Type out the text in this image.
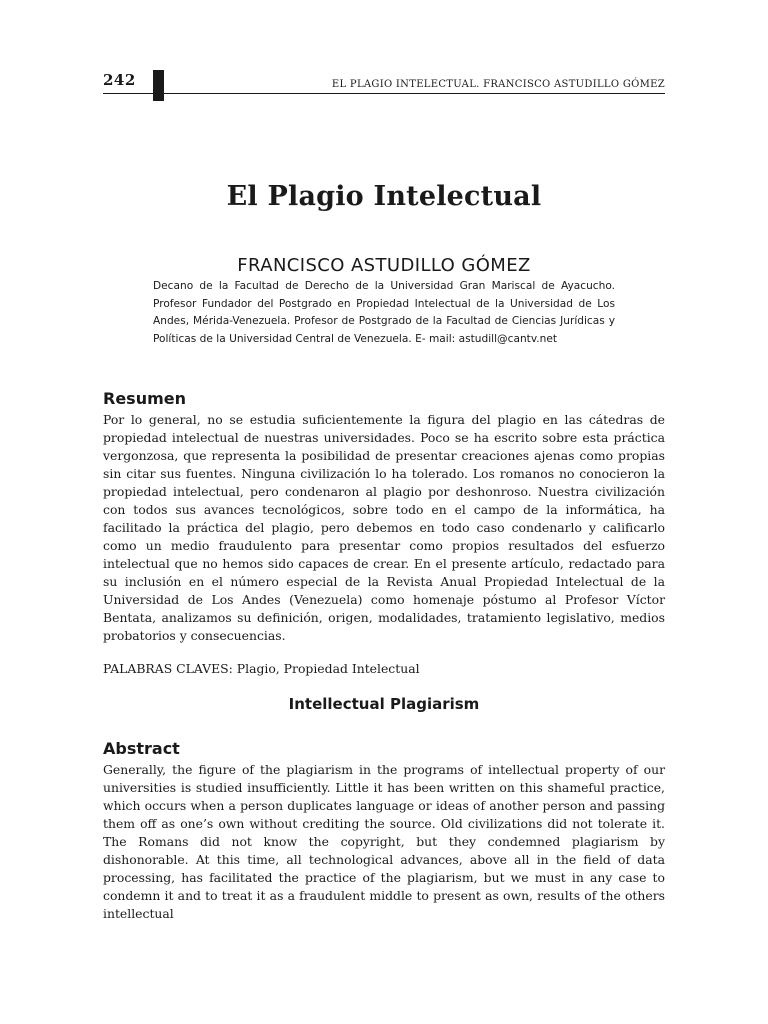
242	EL PLAGIO INTELECTUAL. FRANCISCO ASTUDILLO GÓMEZ
El Plagio Intelectual
FRANCISCO ASTUDILLO GÓMEZ

Decano de la Facultad de Derecho de la Universidad Gran Mariscal de Ayacucho. Profesor Fundador del Postgrado en Propiedad Intelectual de la Universidad de Los Andes, Mérida-Venezuela. Profesor de Postgrado de la Facultad de Ciencias Jurídicas y Políticas de la Universidad Central de Venezuela. E- mail: astudill@cantv.net

Resumen

Por lo general, no se estudia suficientemente la figura del plagio en las cátedras de propiedad intelectual de nuestras universidades. Poco se ha escrito sobre esta práctica vergonzosa, que representa la posibilidad de presentar creaciones ajenas como propias sin citar sus fuentes. Ninguna civilización lo ha tolerado. Los romanos no conocieron la propiedad intelectual, pero condenaron al plagio por deshonroso. Nuestra civilización con todos sus avances tecnológicos, sobre todo en el campo de la informática, ha facilitado la práctica del plagio, pero debemos en todo caso condenarlo y calificarlo como un medio fraudulento para presentar como propios resultados del esfuerzo intelectual que no hemos sido capaces de crear. En el presente artículo, redactado para su inclusión en el número especial de la Revista Anual Propiedad Intelectual de la Universidad de Los Andes (Venezuela) como homenaje póstumo al Profesor Víctor Bentata, analizamos su definición, origen, modalidades, tratamiento legislativo, medios probatorios y consecuencias.

PALABRAS CLAVES: Plagio, Propiedad Intelectual

Intellectual Plagiarism
Abstract

Generally, the figure of the plagiarism in the programs of intellectual property of our universities is studied insufficiently. Little it has been written on this shameful practice, which occurs when a person duplicates language or ideas of another person and passing them off as one’s own without crediting the source. Old civilizations did not tolerate it. The Romans did not know the copyright, but they condemned plagiarism by dishonorable. At this time, all technological advances, above all in the field of data processing, has facilitated the practice of the plagiarism, but we must in any case to condemn it and to treat it as a fraudulent middle to present as own, results of the others intellectual
